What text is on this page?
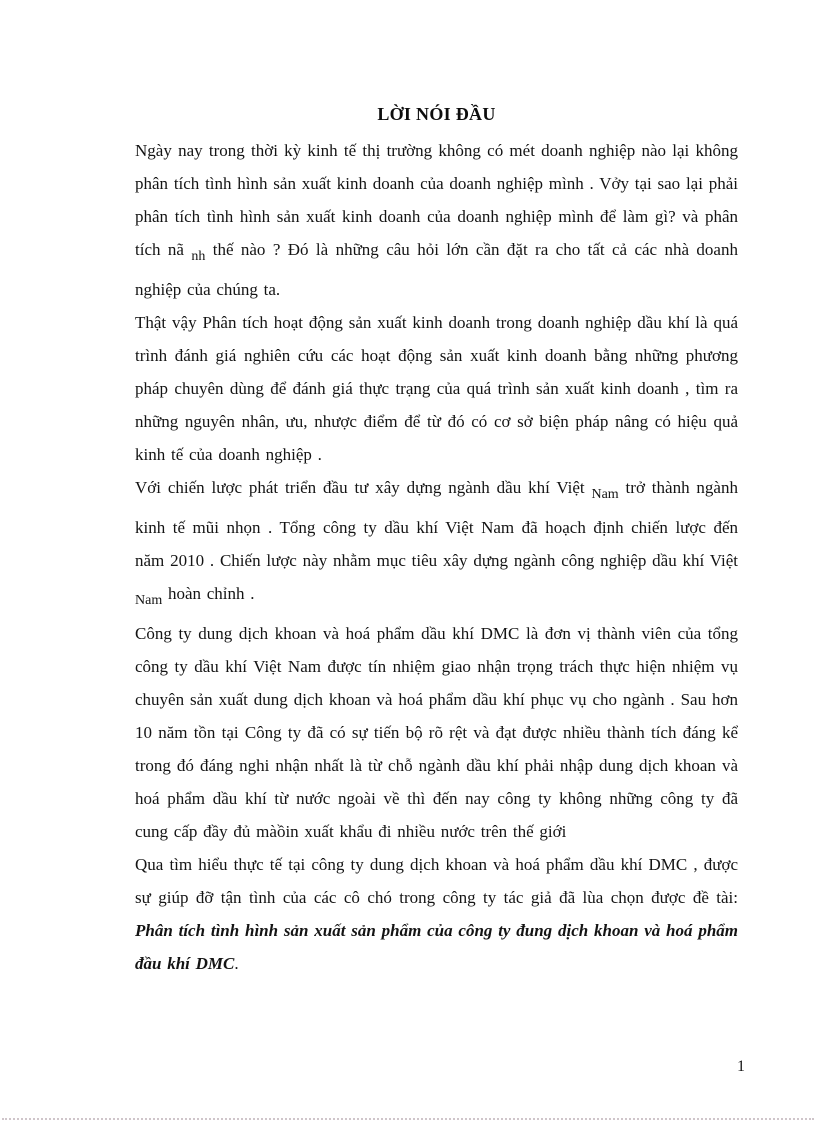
LỜI NÓI ĐẦU

Ngày nay trong thời kỳ kinh tế thị trường không có mét doanh nghiệp nào lại không phân tích tình hình sản xuất kinh doanh của doanh nghiệp mình . Vởy tại sao lại phải phân tích tình hình sản xuất kinh doanh của doanh nghiệp mình để làm gì? và phân tích nã $_{nh}$ thế nào ? Đó là những câu hỏi lớn cần đặt ra cho tất cả các nhà doanh nghiệp của chúng ta.

Thật vậy Phân tích hoạt động sản xuất kinh doanh trong doanh nghiệp dầu khí là quá trình đánh giá nghiên cứu các hoạt động sản xuất kinh doanh bằng những phương pháp chuyên dùng để đánh giá thực trạng của quá trình sản xuất kinh doanh , tìm ra những nguyên nhân, ưu, nhược điểm để từ đó có cơ sở biện pháp nâng có hiệu quả kinh tế của doanh nghiệp .

Với chiến lược phát triển đầu tư xây dựng ngành dầu khí Việt $_{Nam}$ trở thành ngành kinh tế mũi nhọn . Tổng công ty dầu khí Việt Nam đã hoạch định chiến lược đến năm 2010 . Chiến lược này nhằm mục tiêu xây dựng ngành công nghiệp dầu khí Việt $_{Nam}$ hoàn chỉnh .

Công ty dung dịch khoan và hoá phẩm dầu khí DMC là đơn vị thành viên của tổng công ty dầu khí Việt Nam được tín nhiệm giao nhận trọng trách thực hiện nhiệm vụ chuyên sản xuất dung dịch khoan và hoá phẩm dầu khí phục vụ cho ngành . Sau hơn 10 năm tồn tại Công ty đã có sự tiến bộ rõ rệt và đạt được nhiều thành tích đáng kể trong đó đáng nghi nhận nhất là từ chỗ ngành dầu khí phải nhập dung dịch khoan và hoá phẩm dầu khí từ nước ngoài về thì đến nay công ty không những công ty đã cung cấp đầy đủ màồin xuất khẩu đi nhiều nước trên thế giới

Qua tìm hiểu thực tế tại công ty dung dịch khoan và hoá phẩm dầu khí DMC , được sự giúp đỡ tận tình của các cô chó trong công ty tác giả đã lùa chọn được đề tài: Phân tích tình hình sản xuất sản phẩm của công ty đung dịch khoan và hoá phẩm đầu khí DMC.

1
